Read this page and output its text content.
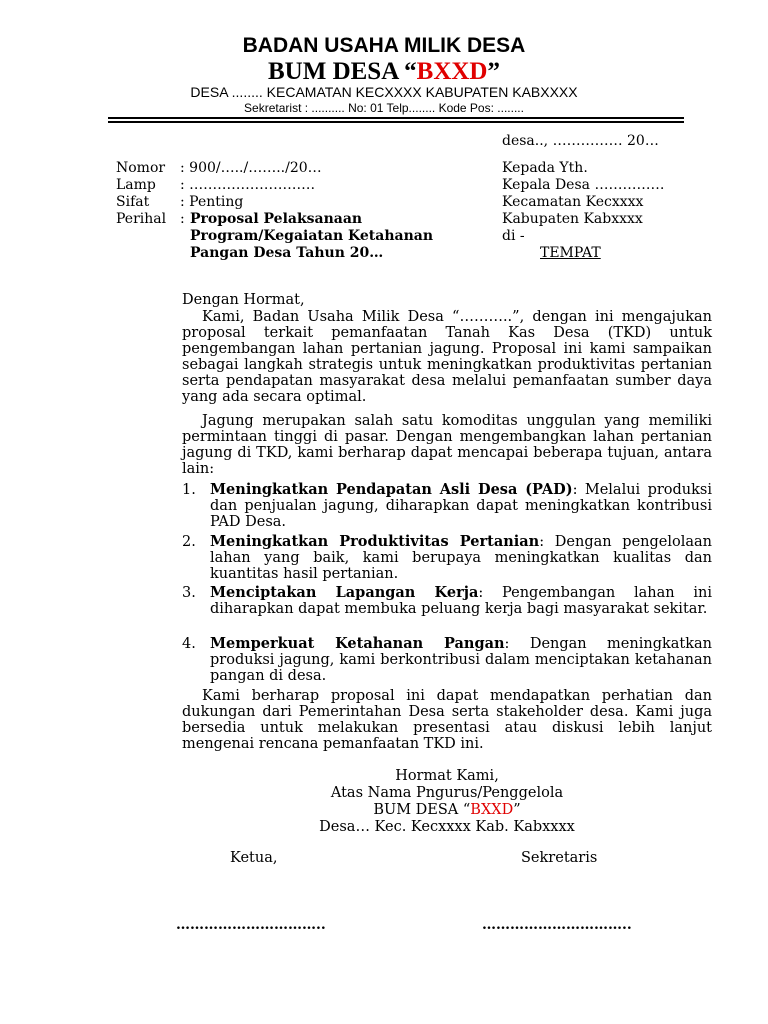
BADAN USAHA MILIK DESA
BUM DESA “BXXD”
DESA ........ KECAMATAN KECXXXX KABUPATEN KABXXXX
Sekretarist : .......... No: 01 Telp........ Kode Pos: ........
desa.., …………… 20…
Nomor : 900/…../……../20…
Lamp : ………………………
Sifat : Penting
Perihal : Proposal Pelaksanaan
Program/Kegaiatan Ketahanan
Pangan Desa Tahun 20…
Kepada Yth.
Kepala Desa ……………
Kecamatan Kecxxxx
Kabupaten Kabxxxx
di -
TEMPAT
Dengan Hormat,
Kami, Badan Usaha Milik Desa “………..”, dengan ini mengajukan proposal terkait pemanfaatan Tanah Kas Desa (TKD) untuk pengembangan lahan pertanian jagung. Proposal ini kami sampaikan sebagai langkah strategis untuk meningkatkan produktivitas pertanian serta pendapatan masyarakat desa melalui pemanfaatan sumber daya yang ada secara optimal.
Jagung merupakan salah satu komoditas unggulan yang memiliki permintaan tinggi di pasar. Dengan mengembangkan lahan pertanian jagung di TKD, kami berharap dapat mencapai beberapa tujuan, antara lain:
1. Meningkatkan Pendapatan Asli Desa (PAD): Melalui produksi dan penjualan jagung, diharapkan dapat meningkatkan kontribusi PAD Desa.
2. Meningkatkan Produktivitas Pertanian: Dengan pengelolaan lahan yang baik, kami berupaya meningkatkan kualitas dan kuantitas hasil pertanian.
3. Menciptakan Lapangan Kerja: Pengembangan lahan ini diharapkan dapat membuka peluang kerja bagi masyarakat sekitar.
4. Memperkuat Ketahanan Pangan: Dengan meningkatkan produksi jagung, kami berkontribusi dalam menciptakan ketahanan pangan di desa.
Kami berharap proposal ini dapat mendapatkan perhatian dan dukungan dari Pemerintahan Desa serta stakeholder desa. Kami juga bersedia untuk melakukan presentasi atau diskusi lebih lanjut mengenai rencana pemanfaatan TKD ini.
Hormat Kami,
Atas Nama Pngurus/Penggelola
BUM DESA “BXXD”
Desa… Kec. Kecxxxx Kab. Kabxxxx
Ketua,	Sekretaris
…………………………..	…………………………..
